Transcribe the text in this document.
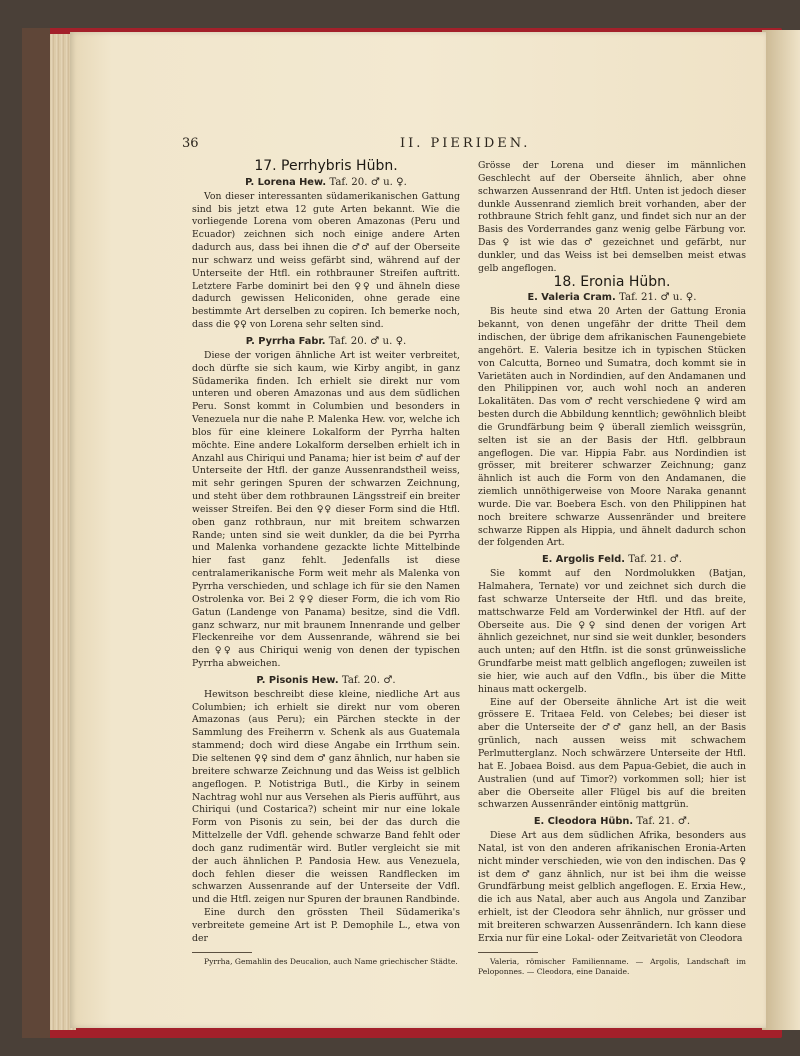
36	II. PIERIDEN.
17. Perrhybris Hübn.
P. Lorena Hew. Taf. 20. ♂ u. ♀.

Von dieser interessanten südamerikanischen Gattung sind bis jetzt etwa 12 gute Arten bekannt. Wie die vorliegende Lorena vom oberen Amazonas (Peru und Ecuador) zeichnen sich noch einige andere Arten dadurch aus, dass bei ihnen die ♂♂ auf der Oberseite nur schwarz und weiss gefärbt sind, während auf der Unterseite der Htfl. ein rothbrauner Streifen auftritt. Letztere Farbe dominirt bei den ♀♀ und ähneln diese dadurch gewissen Heliconiden, ohne gerade eine bestimmte Art derselben zu copiren. Ich bemerke noch, dass die ♀♀ von Lorena sehr selten sind.

P. Pyrrha Fabr. Taf. 20. ♂ u. ♀.

Diese der vorigen ähnliche Art ist weiter verbreitet, doch dürfte sie sich kaum, wie Kirby angibt, in ganz Südamerika finden. Ich erhielt sie direkt nur vom unteren und oberen Amazonas und aus dem südlichen Peru. Sonst kommt in Columbien und besonders in Venezuela nur die nahe P. Malenka Hew. vor, welche ich blos für eine kleinere Lokalform der Pyrrha halten möchte. Eine andere Lokalform derselben erhielt ich in Anzahl aus Chiriqui und Panama; hier ist beim ♂ auf der Unterseite der Htfl. der ganze Aussenrandstheil weiss, mit sehr geringen Spuren der schwarzen Zeichnung, und steht über dem rothbraunen Längsstreif ein breiter weisser Streifen. Bei den ♀♀ dieser Form sind die Htfl. oben ganz rothbraun, nur mit breitem schwarzen Rande; unten sind sie weit dunkler, da die bei Pyrrha und Malenka vorhandene gezackte lichte Mittelbinde hier fast ganz fehlt. Jedenfalls ist diese centralamerikanische Form weit mehr als Malenka von Pyrrha verschieden, und schlage ich für sie den Namen Ostrolenka vor. Bei 2 ♀♀ dieser Form, die ich vom Rio Gatun (Landenge von Panama) besitze, sind die Vdfl. ganz schwarz, nur mit braunem Innenrande und gelber Fleckenreihe vor dem Aussenrande, während sie bei den ♀♀ aus Chiriqui wenig von denen der typischen Pyrrha abweichen.

P. Pisonis Hew. Taf. 20. ♂.

Hewitson beschreibt diese kleine, niedliche Art aus Columbien; ich erhielt sie direkt nur vom oberen Amazonas (aus Peru); ein Pärchen steckte in der Sammlung des Freiherrn v. Schenk als aus Guatemala stammend; doch wird diese Angabe ein Irrthum sein. Die seltenen ♀♀ sind dem ♂ ganz ähnlich, nur haben sie breitere schwarze Zeichnung und das Weiss ist gelblich angeflogen. P. Notistriga Butl., die Kirby in seinem Nachtrag wohl nur aus Versehen als Pieris aufführt, aus Chiriqui (und Costarica?) scheint mir nur eine lokale Form von Pisonis zu sein, bei der das durch die Mittelzelle der Vdfl. gehende schwarze Band fehlt oder doch ganz rudimentär wird. Butler vergleicht sie mit der auch ähnlichen P. Pandosia Hew. aus Venezuela, doch fehlen dieser die weissen Randflecken im schwarzen Aussenrande auf der Unterseite der Vdfl. und die Htfl. zeigen nur Spuren der braunen Randbinde.

Eine durch den grössten Theil Südamerika's verbreitete gemeine Art ist P. Demophile L., etwa von der

Pyrrha, Gemahlin des Deucalion, auch Name griechischer Städte.

Grösse der Lorena und dieser im männlichen Geschlecht auf der Oberseite ähnlich, aber ohne schwarzen Aussenrand der Htfl. Unten ist jedoch dieser dunkle Aussenrand ziemlich breit vorhanden, aber der rothbraune Strich fehlt ganz, und findet sich nur an der Basis des Vorderrandes ganz wenig gelbe Färbung vor. Das ♀ ist wie das ♂ gezeichnet und gefärbt, nur dunkler, und das Weiss ist bei demselben meist etwas gelb angeflogen.

18. Eronia Hübn.
E. Valeria Cram. Taf. 21. ♂ u. ♀.

Bis heute sind etwa 20 Arten der Gattung Eronia bekannt, von denen ungefähr der dritte Theil dem indischen, der übrige dem afrikanischen Faunengebiete angehört. E. Valeria besitze ich in typischen Stücken von Calcutta, Borneo und Sumatra, doch kommt sie in Varietäten auch in Nordindien, auf den Andamanen und den Philippinen vor, auch wohl noch an anderen Lokalitäten. Das vom ♂ recht verschiedene ♀ wird am besten durch die Abbildung kenntlich; gewöhnlich bleibt die Grundfärbung beim ♀ überall ziemlich weissgrün, selten ist sie an der Basis der Htfl. gelbbraun angeflogen. Die var. Hippia Fabr. aus Nordindien ist grösser, mit breiterer schwarzer Zeichnung; ganz ähnlich ist auch die Form von den Andamanen, die ziemlich unnöthigerweise von Moore Naraka genannt wurde. Die var. Boebera Esch. von den Philippinen hat noch breitere schwarze Aussenränder und breitere schwarze Rippen als Hippia, und ähnelt dadurch schon der folgenden Art.

E. Argolis Feld. Taf. 21. ♂.

Sie kommt auf den Nordmolukken (Batjan, Halmahera, Ternate) vor und zeichnet sich durch die fast schwarze Unterseite der Htfl. und das breite, mattschwarze Feld am Vorderwinkel der Htfl. auf der Oberseite aus. Die ♀♀ sind denen der vorigen Art ähnlich gezeichnet, nur sind sie weit dunkler, besonders auch unten; auf den Htfln. ist die sonst grünweissliche Grundfarbe meist matt gelblich angeflogen; zuweilen ist sie hier, wie auch auf den Vdfln., bis über die Mitte hinaus matt ockergelb.

Eine auf der Oberseite ähnliche Art ist die weit grössere E. Tritaea Feld. von Celebes; bei dieser ist aber die Unterseite der ♂♂ ganz hell, an der Basis grünlich, nach aussen weiss mit schwachem Perlmutterglanz. Noch schwärzere Unterseite der Htfl. hat E. Jobaea Boisd. aus dem Papua-Gebiet, die auch in Australien (und auf Timor?) vorkommen soll; hier ist aber die Oberseite aller Flügel bis auf die breiten schwarzen Aussenränder eintönig mattgrün.

E. Cleodora Hübn. Taf. 21. ♂.

Diese Art aus dem südlichen Afrika, besonders aus Natal, ist von den anderen afrikanischen Eronia-Arten nicht minder verschieden, wie von den indischen. Das ♀ ist dem ♂ ganz ähnlich, nur ist bei ihm die weisse Grundfärbung meist gelblich angeflogen. E. Erxia Hew., die ich aus Natal, aber auch aus Angola und Zanzibar erhielt, ist der Cleodora sehr ähnlich, nur grösser und mit breiteren schwarzen Aussenrändern. Ich kann diese Erxia nur für eine Lokal- oder Zeitvarietät von Cleodora

Valeria, römischer Familienname. — Argolis, Landschaft im Peloponnes. — Cleodora, eine Danaide.
